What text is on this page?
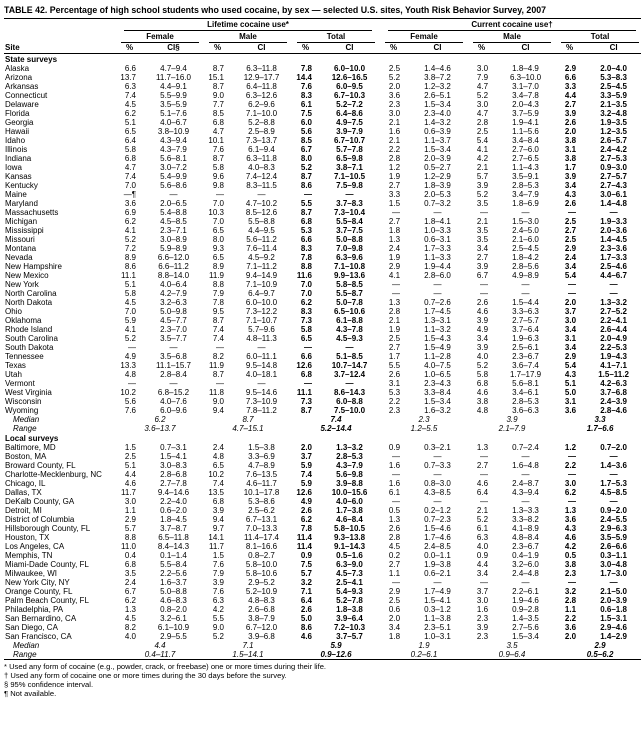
TABLE 42. Percentage of high school students who used cocaine, by sex — selected U.S. sites, Youth Risk Behavior Survey, 2007
Site	Lifetime cocaine use*						Current cocaine use†					

	Female		Male		Total		Female		Male		Total	

	%	CI§	%	CI	%	CI	%	CI	%	CI	%	CI
State surveys												
Alaska	6.6	4.7–9.4	8.7	6.3–11.8	7.8	6.0–10.0	2.5	1.4–4.6	3.0	1.8–4.9	2.9	2.0–4.0
Arizona	13.7	11.7–16.0	15.1	12.9–17.7	14.4	12.6–16.5	5.2	3.8–7.2	7.9	6.3–10.0	6.6	5.3–8.3
Arkansas	6.3	4.4–9.1	8.7	6.4–11.8	7.6	6.0–9.5	2.0	1.2–3.2	4.7	3.1–7.0	3.3	2.5–4.5
Connecticut	7.4	5.5–9.9	9.0	6.3–12.6	8.3	6.7–10.3	3.6	2.6–5.1	5.2	3.4–7.8	4.4	3.3–5.9
Delaware	4.5	3.5–5.9	7.7	6.2–9.6	6.1	5.2–7.2	2.3	1.5–3.4	3.0	2.0–4.3	2.7	2.1–3.5
Florida	6.2	5.1–7.6	8.5	7.1–10.0	7.5	6.4–8.6	3.0	2.3–4.0	4.7	3.7–5.9	3.9	3.2–4.8
Georgia	5.1	4.0–6.7	6.8	5.2–8.8	6.0	4.9–7.5	2.1	1.4–3.2	2.8	1.9–4.1	2.6	1.9–3.5
Hawaii	6.5	3.8–10.9	4.7	2.5–8.9	5.6	3.9–7.9	1.6	0.6–3.9	2.5	1.1–5.6	2.0	1.2–3.5
Idaho	6.4	4.3–9.4	10.1	7.3–13.7	8.5	6.7–10.7	2.1	1.1–3.7	5.4	3.4–8.4	3.8	2.6–5.7
Illinois	5.8	4.3–7.9	7.6	6.1–9.4	6.7	5.7–7.8	2.2	1.5–3.4	4.1	2.7–6.0	3.1	2.4–4.2
Indiana	6.8	5.6–8.1	8.7	6.3–11.8	8.0	6.5–9.8	2.8	2.0–3.9	4.2	2.7–6.5	3.8	2.7–5.3
Iowa	4.7	3.0–7.2	5.8	4.0–8.3	5.2	3.8–7.1	1.2	0.5–2.7	2.1	1.1–4.3	1.7	0.9–3.0
Kansas	7.4	5.4–9.9	9.6	7.4–12.4	8.7	7.1–10.5	1.9	1.2–2.9	5.7	3.5–9.1	3.9	2.7–5.7
Kentucky	7.0	5.6–8.6	9.8	8.3–11.5	8.6	7.5–9.8	2.7	1.8–3.9	3.9	2.8–5.3	3.4	2.7–4.3
Maine	—¶	—	—	—	—	—	3.3	2.0–5.3	5.2	3.4–7.9	4.3	3.0–6.1
Maryland	3.6	2.0–6.5	7.0	4.7–10.2	5.5	3.7–8.3	1.5	0.7–3.2	3.5	1.8–6.9	2.6	1.4–4.8
Massachusetts	6.9	5.4–8.8	10.3	8.5–12.6	8.7	7.3–10.4	—	—	—	—	—	—
Michigan	6.2	4.5–8.5	7.0	5.5–8.8	6.8	5.5–8.4	2.7	1.8–4.1	2.1	1.5–3.0	2.5	1.9–3.3
Mississippi	4.1	2.3–7.1	6.5	4.4–9.5	5.3	3.7–7.5	1.8	1.0–3.3	3.5	2.4–5.0	2.7	2.0–3.6
Missouri	5.2	3.0–8.9	8.0	5.6–11.2	6.6	5.0–8.8	1.3	0.6–3.1	3.5	2.1–6.0	2.5	1.4–4.5
Montana	7.2	5.9–8.9	9.3	7.6–11.4	8.3	7.0–9.8	2.4	1.7–3.3	3.4	2.5–4.5	2.9	2.3–3.6
Nevada	8.9	6.6–12.0	6.5	4.5–9.2	7.8	6.3–9.6	1.9	1.1–3.3	2.7	1.8–4.2	2.4	1.7–3.3
New Hampshire	8.6	6.6–11.2	8.9	7.1–11.2	8.8	7.1–10.8	2.9	1.9–4.4	3.9	2.8–5.6	3.4	2.5–4.6
New Mexico	11.1	8.8–14.0	11.9	9.4–14.9	11.6	9.9–13.6	4.1	2.8–6.0	6.7	4.9–8.9	5.4	4.4–6.7
New York	5.1	4.0–6.4	8.8	7.1–10.9	7.0	5.8–8.5	—	—	—	—	—	—
North Carolina	5.8	4.2–7.9	7.9	6.4–9.7	7.0	5.5–8.7	—	—	—	—	—	—
North Dakota	4.5	3.2–6.3	7.8	6.0–10.0	6.2	5.0–7.8	1.3	0.7–2.6	2.6	1.5–4.4	2.0	1.3–3.2
Ohio	7.0	5.0–9.8	9.5	7.3–12.2	8.3	6.5–10.6	2.8	1.7–4.5	4.6	3.3–6.3	3.7	2.7–5.2
Oklahoma	5.9	4.5–7.7	8.7	7.1–10.7	7.3	6.1–8.8	2.1	1.3–3.1	3.9	2.7–5.7	3.0	2.2–4.1
Rhode Island	4.1	2.3–7.0	7.4	5.7–9.6	5.8	4.3–7.8	1.9	1.1–3.2	4.9	3.7–6.4	3.4	2.6–4.4
South Carolina	5.2	3.5–7.7	7.4	4.8–11.3	6.5	4.5–9.3	2.5	1.5–4.3	3.4	1.9–6.3	3.1	2.0–4.9
South Dakota	—	—	—	—	—	—	2.7	1.5–4.9	3.9	2.5–6.1	3.4	2.2–5.3
Tennessee	4.9	3.5–6.8	8.2	6.0–11.1	6.6	5.1–8.5	1.7	1.1–2.8	4.0	2.3–6.7	2.9	1.9–4.3
Texas	13.3	11.1–15.7	11.9	9.5–14.8	12.6	10.7–14.7	5.5	4.0–7.5	5.2	3.6–7.4	5.4	4.1–7.1
Utah	4.8	2.8–8.4	8.7	4.0–18.1	6.8	3.7–12.4	2.6	1.0–6.5	5.8	1.7–17.9	4.3	1.5–11.2
Vermont	—	—	—	—	—	—	3.1	2.3–4.3	6.8	5.6–8.1	5.1	4.2–6.3
West Virginia	10.2	6.8–15.2	11.8	9.5–14.6	11.1	8.6–14.3	5.3	3.3–8.4	4.6	3.4–6.1	5.0	3.7–6.8
Wisconsin	5.6	4.0–7.6	9.0	7.3–10.9	7.3	6.0–8.8	2.2	1.5–3.4	3.8	2.8–5.3	3.1	2.4–3.9
Wyoming	7.6	6.0–9.6	9.4	7.8–11.2	8.7	7.5–10.0	2.3	1.6–3.2	4.8	3.6–6.3	3.6	2.8–4.6
Median	6.2		8.7		7.4		2.3		3.9		3.3	
Range	3.6–13.7		4.7–15.1		5.2–14.4		1.2–5.5		2.1–7.9		1.7–6.6	
Local surveys												
Baltimore, MD	1.5	0.7–3.1	2.4	1.5–3.8	2.0	1.3–3.2	0.9	0.3–2.1	1.3	0.7–2.4	1.2	0.7–2.0
Boston, MA	2.5	1.5–4.1	4.8	3.3–6.9	3.7	2.8–5.3	—	—	—	—	—	—
Broward County, FL	5.1	3.0–8.3	6.5	4.7–8.9	5.9	4.3–7.9	1.6	0.7–3.3	2.7	1.6–4.8	2.2	1.4–3.6
Charlotte-Mecklenburg, NC	4.4	2.8–6.8	10.2	7.6–13.5	7.4	5.6–9.8	—	—	—	—	—	—
Chicago, IL	4.6	2.7–7.8	7.4	4.6–11.7	5.9	3.9–8.8	1.6	0.8–3.0	4.6	2.4–8.7	3.0	1.7–5.3
Dallas, TX	11.7	9.4–14.6	13.5	10.1–17.8	12.6	10.0–15.6	6.1	4.3–8.5	6.4	4.3–9.4	6.2	4.5–8.5
DeKalb County, GA	3.0	2.2–4.0	6.8	5.3–8.6	4.9	4.0–6.0	—	—	—	—	—	—
Detroit, MI	1.1	0.6–2.0	3.9	2.5–6.2	2.6	1.7–3.8	0.5	0.2–1.2	2.1	1.3–3.3	1.3	0.9–2.0
District of Columbia	2.9	1.8–4.5	9.4	6.7–13.1	6.2	4.6–8.4	1.3	0.7–2.3	5.2	3.3–8.2	3.6	2.4–5.5
Hillsborough County, FL	5.7	3.7–8.7	9.7	7.0–13.3	7.8	5.8–10.5	2.6	1.5–4.6	6.1	4.1–8.9	4.3	2.9–6.3
Houston, TX	8.8	6.5–11.8	14.1	11.4–17.4	11.4	9.3–13.8	2.8	1.7–4.6	6.3	4.8–8.4	4.6	3.5–5.9
Los Angeles, CA	11.0	8.4–14.3	11.7	8.1–16.6	11.4	9.1–14.3	4.5	2.4–8.5	4.0	2.3–6.7	4.2	2.6–6.6
Memphis, TN	0.4	0.1–1.4	1.5	0.8–2.7	0.9	0.5–1.6	0.2	0.0–1.1	0.9	0.4–1.9	0.5	0.3–1.1
Miami-Dade County, FL	6.8	5.5–8.4	7.6	5.8–10.0	7.5	6.3–9.0	2.7	1.9–3.8	4.4	3.2–6.0	3.8	3.0–4.8
Milwaukee, WI	3.5	2.2–5.6	7.9	5.8–10.6	5.7	4.5–7.3	1.1	0.6–2.1	3.4	2.4–4.8	2.3	1.7–3.0
New York City, NY	2.4	1.6–3.7	3.9	2.9–5.2	3.2	2.5–4.1	—	—	—	—	—	—
Orange County, FL	6.7	5.0–8.8	7.6	5.2–10.9	7.1	5.4–9.3	2.9	1.7–4.9	3.7	2.2–6.1	3.2	2.1–5.0
Palm Beach County, FL	6.2	4.6–8.3	6.3	4.8–8.3	6.4	5.2–7.8	2.5	1.5–4.1	3.0	1.9–4.6	2.8	2.0–3.9
Philadelphia, PA	1.3	0.8–2.0	4.2	2.6–6.8	2.6	1.8–3.8	0.6	0.3–1.2	1.6	0.9–2.8	1.1	0.6–1.8
San Bernardino, CA	4.5	3.2–6.1	5.5	3.8–7.9	5.0	3.9–6.4	2.0	1.1–3.8	2.3	1.4–3.5	2.2	1.5–3.1
San Diego, CA	8.2	6.1–10.9	9.0	6.7–12.0	8.6	7.2–10.3	3.4	2.3–5.1	3.9	2.7–5.6	3.6	2.9–4.6
San Francisco, CA	4.0	2.9–5.5	5.2	3.9–6.8	4.6	3.7–5.7	1.8	1.0–3.1	2.3	1.5–3.4	2.0	1.4–2.9
Median	4.4		7.1		5.9		1.9		3.5		2.9	
Range	0.4–11.7		1.5–14.1		0.9–12.6		0.2–6.1		0.9–6.4		0.5–6.2	
* Used any form of cocaine (e.g., powder, crack, or freebase) one or more times during their life.
† Used any form of cocaine one or more times during the 30 days before the survey.
§ 95% confidence interval.
¶ Not available.
